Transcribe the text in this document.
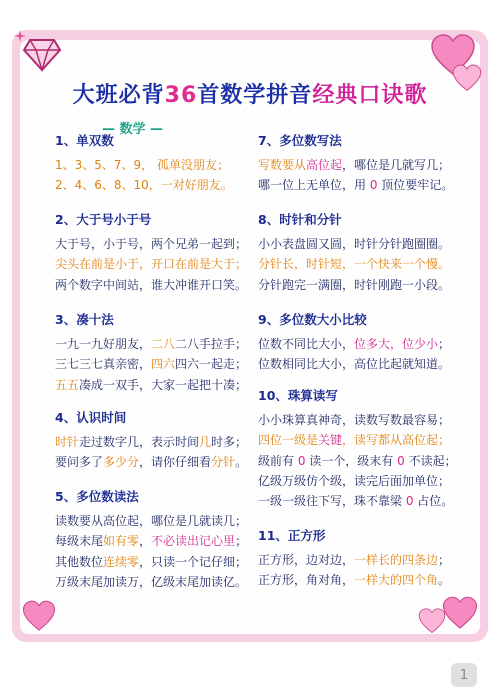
大班必背36首数学拼音经典口诀歌
— 数学 —
1、单双数
1、3、5、7、9， 孤单没朋友；
2、4、6、8、10，一对好朋友。
2、大于号小于号
大于号，小于号，两个兄弟一起到；
尖头在前是小于，开口在前是大于；
两个数字中间站，谁大冲谁开口笑。
3、凑十法
一九一九好朋友，二八二八手拉手；
三七三七真亲密，四六四六一起走；
五五凑成一双手，大家一起把十凑；
4、认识时间
时针走过数字几，表示时间几时多；
要问多了多少分，请你仔细看分针。
5、多位数读法
读数要从高位起，哪位是几就读几；
每级末尾如有零，不必读出记心里；
其他数位连续零，只读一个记仔细；
万级末尾加读万，亿级末尾加读亿。
7、多位数写法
写数要从高位起，哪位是几就写几；
哪一位上无单位，用 0 顶位要牢记。
8、时针和分针
小小表盘圆又圆，时针分针跑圈圈。
分针长，时针短，一个快来一个慢。
分针跑完一满圈，时针刚跑一小段。
9、多位数大小比较
位数不同比大小，位多大，位少小；
位数相同比大小，高位比起就知道。
10、珠算读写
小小珠算真神奇，读数写数最容易；
四位一级是关键，读写都从高位起；
级前有 0 读一个，级末有 0 不读起；
亿级万级仿个级，读完后面加单位；
一级一级往下写，珠不靠梁 0 占位。
11、正方形
正方形，边对边，一样长的四条边；
正方形，角对角，一样大的四个角。
1
